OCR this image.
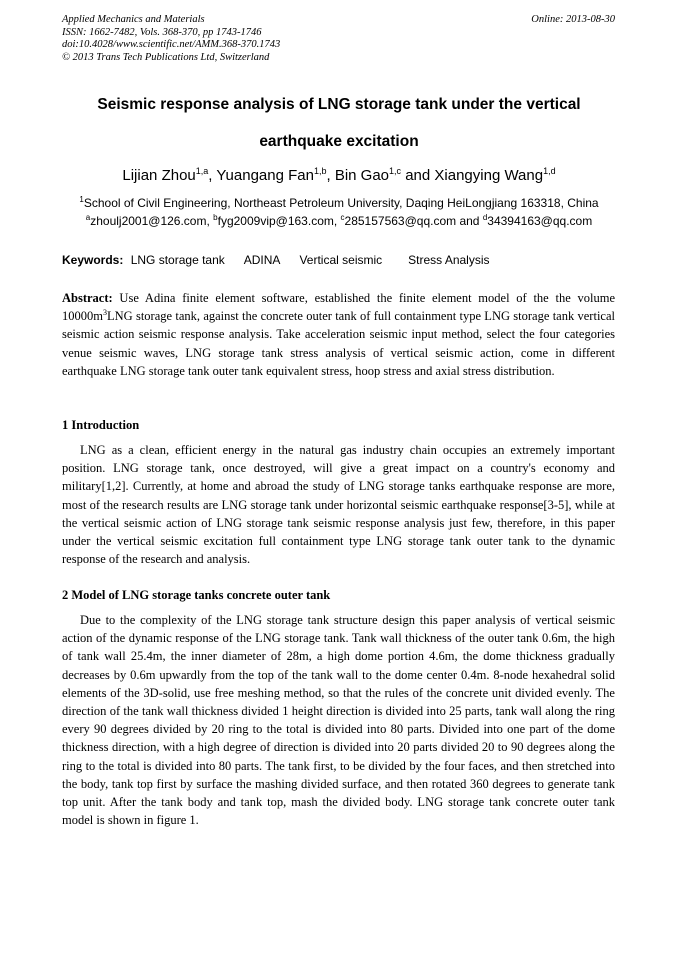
Applied Mechanics and Materials
ISSN: 1662-7482, Vols. 368-370, pp 1743-1746
doi:10.4028/www.scientific.net/AMM.368-370.1743
© 2013 Trans Tech Publications Ltd, Switzerland
Online: 2013-08-30
Seismic response analysis of LNG storage tank under the vertical
earthquake excitation
Lijian Zhou$^{1,a}$, Yuangang Fan$^{1,b}$, Bin Gao$^{1,c}$ and Xiangying Wang$^{1,d}$
$^1$School of Civil Engineering, Northeast Petroleum University, Daqing HeiLongjiang 163318, China
$^a$zhoulj2001@126.com, $^b$fyg2009vip@163.com, $^c$285157563@qq.com and $^d$34394163@qq.com
Keywords: LNG storage tank ADINA Vertical seismic Stress Analysis

Abstract: Use Adina finite element software, established the finite element model of the the volume $10000m^3LNG$ storage tank, against the concrete outer tank of full containment type LNG storage tank vertical seismic action seismic response analysis. Take acceleration seismic input method, select the four categories venue seismic waves, LNG storage tank stress analysis of vertical seismic action, come in different earthquake LNG storage tank outer tank equivalent stress, hoop stress and axial stress distribution.

1 Introduction

LNG as a clean, efficient energy in the natural gas industry chain occupies an extremely important position. LNG storage tank, once destroyed, will give a great impact on a country's economy and military[1,2]. Currently, at home and abroad the study of LNG storage tanks earthquake response are more, most of the research results are LNG storage tank under horizontal seismic earthquake response[3-5], while at the vertical seismic action of LNG storage tank seismic response analysis just few, therefore, in this paper under the vertical seismic excitation full containment type LNG storage tank outer tank to the dynamic response of the research and analysis.

2 Model of LNG storage tanks concrete outer tank

Due to the complexity of the LNG storage tank structure design this paper analysis of vertical seismic action of the dynamic response of the LNG storage tank. Tank wall thickness of the outer tank 0.6m, the high of tank wall 25.4m, the inner diameter of 28m, a high dome portion 4.6m, the dome thickness gradually decreases by 0.6m upwardly from the top of the tank wall to the dome center 0.4m. 8-node hexahedral solid elements of the 3D-solid, use free meshing method, so that the rules of the concrete unit divided evenly. The direction of the tank wall thickness divided 1 height direction is divided into 25 parts, tank wall along the ring every 90 degrees divided by 20 ring to the total is divided into 80 parts. Divided into one part of the dome thickness direction, with a high degree of direction is divided into 20 parts divided 20 to 90 degrees along the ring to the total is divided into 80 parts. The tank first, to be divided by the four faces, and then stretched into the body, tank top first by surface the mashing divided surface, and then rotated 360 degrees to generate tank top unit. After the tank body and tank top, mash the divided body. LNG storage tank concrete outer tank model is shown in figure 1.
